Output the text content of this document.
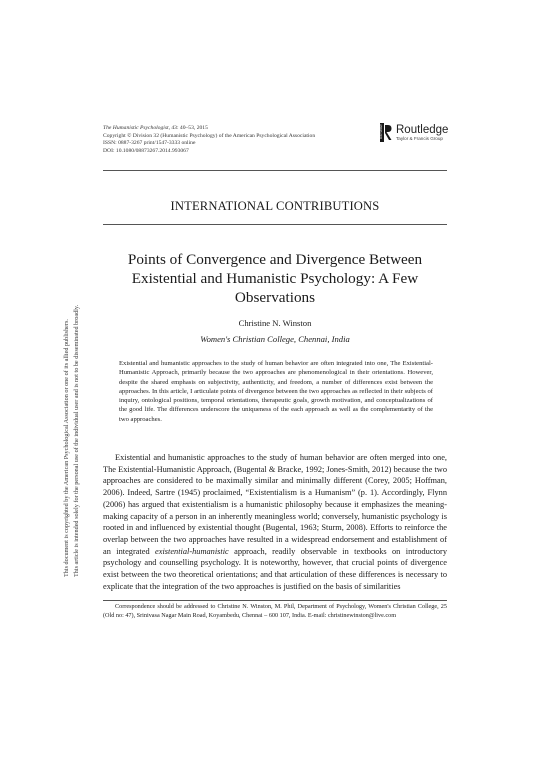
The Humanistic Psychologist, 43: 40–53, 2015
Copyright © Division 32 (Humanistic Psychology) of the American Psychological Association
ISSN: 0887-3267 print/1547-3333 online
DOI: 10.1080/08873267.2014.993067
ROUTLEDGE Routledge
Taylor & Francis Group
INTERNATIONAL CONTRIBUTIONS
Points of Convergence and Divergence Between
Existential and Humanistic Psychology: A Few
Observations
Christine N. Winston
Women's Christian College, Chennai, India
Existential and humanistic approaches to the study of human behavior are often integrated into one, The Existential-Humanistic Approach, primarily because the two approaches are phenomenological in their orientations. However, despite the shared emphasis on subjectivity, authenticity, and freedom, a number of differences exist between the approaches. In this article, I articulate points of divergence between the two approaches as reflected in their subjects of inquiry, ontological positions, temporal orientations, therapeutic goals, growth motivation, and conceptualizations of the good life. The differences underscore the uniqueness of the each approach as well as the complementarity of the two approaches.

Existential and humanistic approaches to the study of human behavior are often merged into one, The Existential-Humanistic Approach, (Bugental & Bracke, 1992; Jones-Smith, 2012) because the two approaches are considered to be maximally similar and minimally different (Corey, 2005; Hoffman, 2006). Indeed, Sartre (1945) proclaimed, “Existentialism is a Humanism” (p. 1). Accordingly, Flynn (2006) has argued that existentialism is a humanistic philosophy because it emphasizes the meaning-making capacity of a person in an inherently meaningless world; conversely, humanistic psychology is rooted in and influenced by existential thought (Bugental, 1963; Sturm, 2008). Efforts to reinforce the overlap between the two approaches have resulted in a widespread endorsement and establishment of an integrated existential-humanistic approach, readily observable in textbooks on introductory psychology and counselling psychology. It is noteworthy, however, that crucial points of divergence exist between the two theoretical orientations; and that articulation of these differences is necessary to explicate that the integration of the two approaches is justified on the basis of similarities

Correspondence should be addressed to Christine N. Winston, M. Phil, Department of Psychology, Women's Christian College, 25 (Old no: 47), Srinivasa Nagar Main Road, Koyambedu, Chennai – 600 107, India. E-mail: christinewinston@live.com

This document is copyrighted by the American Psychological Association or one of its allied publishers. This article is intended solely for the personal use of the individual user and is not to be disseminated broadly.
